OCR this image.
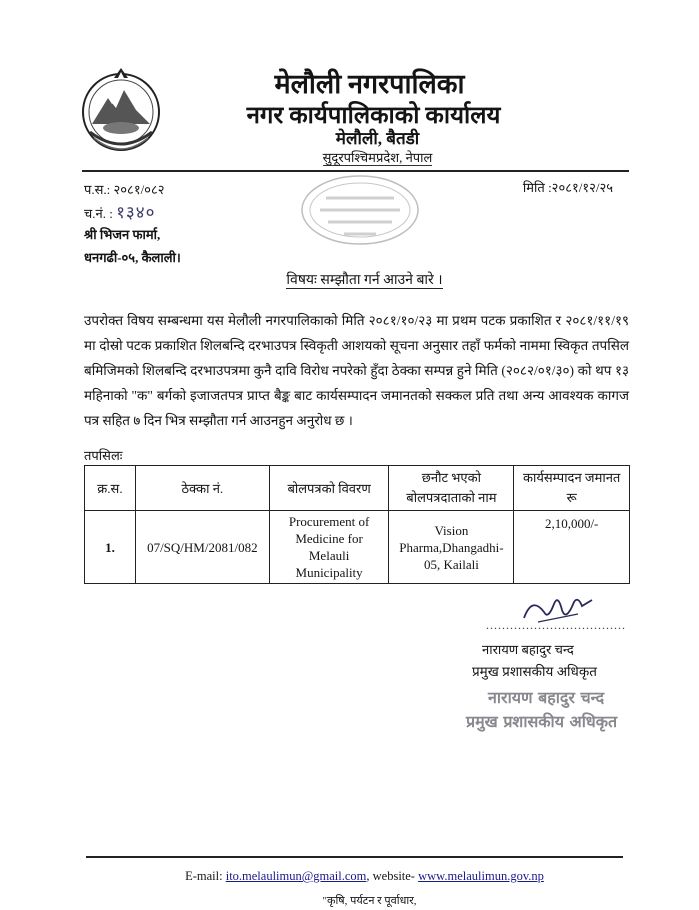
मेलौली नगरपालिका
नगर कार्यपालिकाको कार्यालय
मेलौली, बैतडी
सुदूरपश्चिमप्रदेश, नेपाल
प.स.: २०८१/०८२
च.नं. : १३४०
मिति :२०८१/१२/२५
श्री भिजन फार्मा,
धनगढी-०५, कैलाली।
विषयः सम्झौता गर्न आउने बारे ।
उपरोक्त विषय सम्बन्धमा यस मेलौली नगरपालिकाको मिति २०८१/१०/२३ मा प्रथम पटक प्रकाशित र २०८१/११/१९ मा दोस्रो पटक प्रकाशित शिलबन्दि दरभाउपत्र स्विकृती आशयको सूचना अनुसार तहाँ फर्मको नाममा स्विकृत तपसिल बमिजिमको शिलबन्दि दरभाउपत्रमा कुनै दावि विरोध नपरेको हुँदा ठेक्का सम्पन्न हुने मिति (२०८२/०१/३०) को थप १३ महिनाको "क" बर्गको इजाजतपत्र प्राप्त बैङ्क बाट कार्यसम्पादन जमानतको सक्कल प्रति तथा अन्य आवश्यक कागज पत्र सहित ७ दिन भित्र सम्झौता गर्न आउनहुन अनुरोध छ ।
तपसिलः
क्र.स.	ठेक्का नं.	बोलपत्रको विवरण	छनौट भएको बोलपत्रदाताको नाम	कार्यसम्पादन जमानत रू
1.	07/SQ/HM/2081/082	Procurement of Medicine for Melauli Municipality	Vision Pharma,Dhangadhi-05, Kailali	2,10,000/-
...................................
नारायण बहादुर चन्द
प्रमुख प्रशासकीय अधिकृत
नारायण बहादुर चन्द
प्रमुख प्रशासकीय अधिकृत
E-mail: ito.melaulimun@gmail.com, website- www.melaulimun.gov.np
"कृषि, पर्यटन र पूर्वाधार,
